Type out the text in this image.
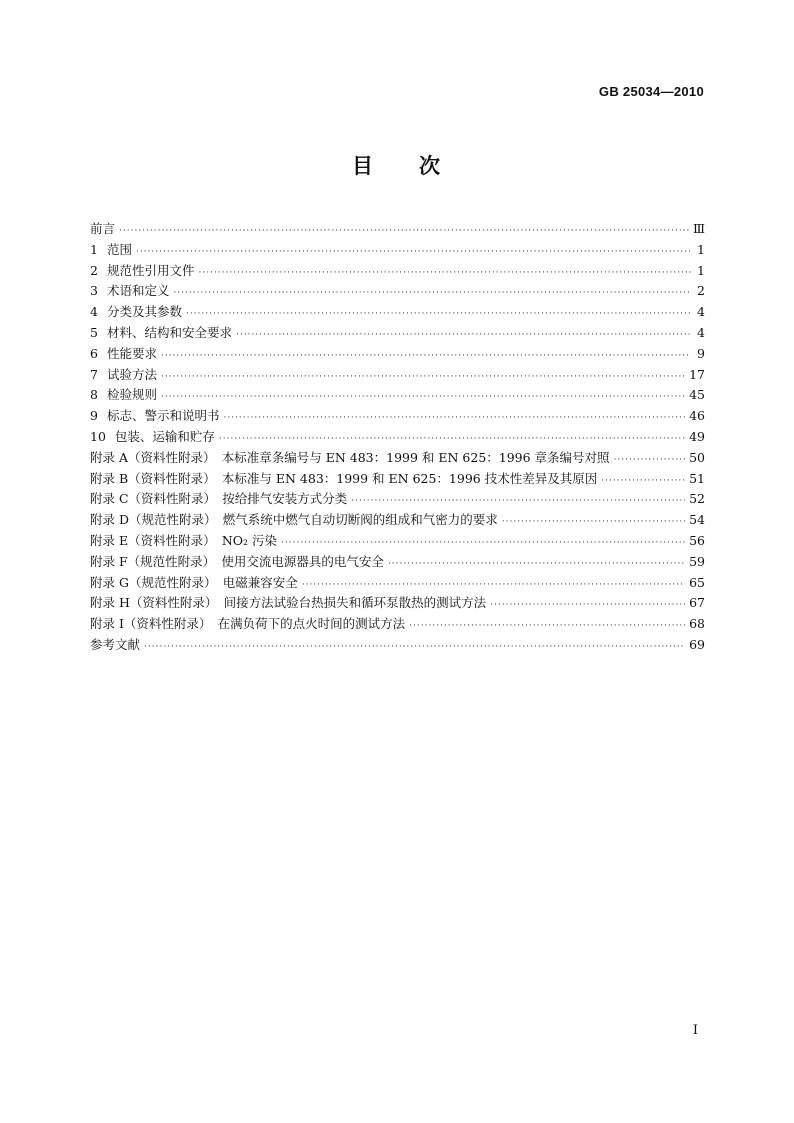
GB 25034—2010
目 次
前言 ·····	Ⅲ
1 范围 ·····	1
2 规范性引用文件 ·····	1
3 术语和定义 ·····	2
4 分类及其参数 ·····	4
5 材料、结构和安全要求 ·····	4
6 性能要求 ·····	9
7 试验方法 ·····	17
8 检验规则 ·····	45
9 标志、警示和说明书 ·····	46
10 包装、运输和贮存 ·····	49
附录 A（资料性附录）　本标准章条编号与 EN 483：1999 和 EN 625：1996 章条编号对照 ·····	50
附录 B（资料性附录）　本标准与 EN 483：1999 和 EN 625：1996 技术性差异及其原因 ·····	51
附录 C（资料性附录）　按给排气安装方式分类 ·····	52
附录 D（规范性附录）　燃气系统中燃气自动切断阀的组成和气密力的要求 ·····	54
附录 E（资料性附录）　NO₂ 污染 ·····	56
附录 F（规范性附录）　使用交流电源器具的电气安全 ·····	59
附录 G（规范性附录）　电磁兼容安全 ·····	65
附录 H（资料性附录）　间接方法试验台热损失和循环泵散热的测试方法 ·····	67
附录 I（资料性附录）　在满负荷下的点火时间的测试方法 ·····	68
参考文献 ·····	69
Ⅰ
